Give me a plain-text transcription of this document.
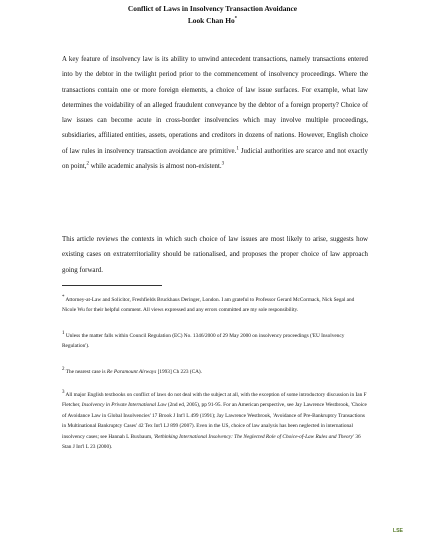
Conflict of Laws in Insolvency Transaction Avoidance
Look Chan Ho*

A key feature of insolvency law is its ability to unwind antecedent transactions, namely transactions entered into by the debtor in the twilight period prior to the commencement of insolvency proceedings. Where the transactions contain one or more foreign elements, a choice of law issue surfaces. For example, what law determines the voidability of an alleged fraudulent conveyance by the debtor of a foreign property? Choice of law issues can become acute in cross-border insolvencies which may involve multiple proceedings, subsidiaries, affiliated entities, assets, operations and creditors in dozens of nations. However, English choice of law rules in insolvency transaction avoidance are primitive.$^1$ Judicial authorities are scarce and not exactly on point,$^2$ while academic analysis is almost non-existent.$^3$

This article reviews the contexts in which such choice of law issues are most likely to arise, suggests how existing cases on extraterritoriality should be rationalised, and proposes the proper choice of law approach going forward.

* Attorney-at-Law and Solicitor, Freshfields Bruckhaus Deringer, London. I am grateful to Professor Gerard McCormack, Nick Segal and Nicole Wu for their helpful comment. All views expressed and any errors committed are my sole responsibility.
$^1$ Unless the matter falls within Council Regulation (EC) No. 1346/2000 of 29 May 2000 on insolvency proceedings ('EU Insolvency Regulation').
$^2$ The nearest case is Re Paramount Airways [1993] Ch 223 (CA).
$^3$ All major English textbooks on conflict of laws do not deal with the subject at all, with the exception of some introductory discussion in Ian F Fletcher, Insolvency in Private International Law (2nd ed, 2005), pp 91-95. For an American perspective, see Jay Lawrence Westbrook, 'Choice of Avoidance Law in Global Insolvencies' 17 Brook J Int'l L 499 (1991); Jay Lawrence Westbrook, 'Avoidance of Pre-Bankruptcy Transactions in Multinational Bankruptcy Cases' 42 Tex Int'l LJ 899 (2007). Even in the US, choice of law analysis has been neglected in international insolvency cases; see Hannah L Buxbaum, 'Rethinking International Insolvency: The Neglected Role of Choice-of-Law Rules and Theory' 36 Stan J Int'l L 23 (2000).
LSE
